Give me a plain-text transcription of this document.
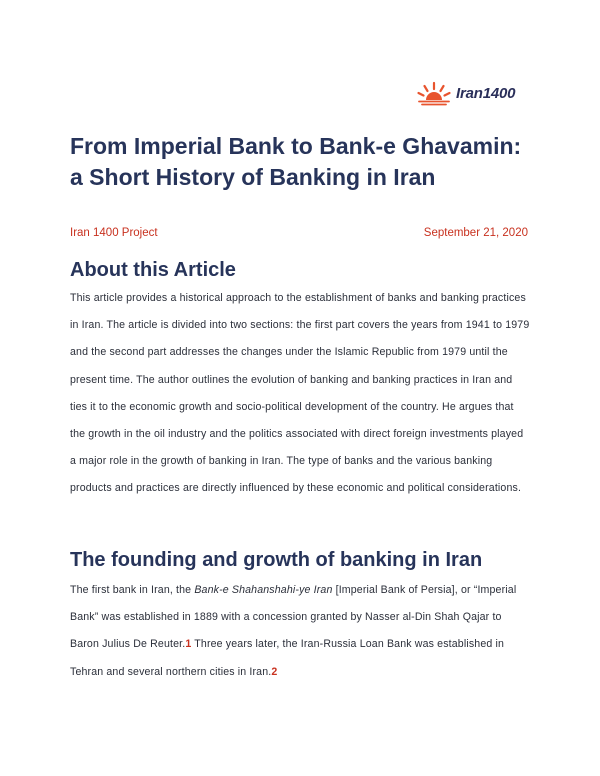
Iran1400
From Imperial Bank to Bank-e Ghavamin: a Short History of Banking in Iran
Iran 1400 Project	September 21, 2020
About this Article

This article provides a historical approach to the establishment of banks and banking practices in Iran. The article is divided into two sections: the first part covers the years from 1941 to 1979 and the second part addresses the changes under the Islamic Republic from 1979 until the present time. The author outlines the evolution of banking and banking practices in Iran and ties it to the economic growth and socio-political development of the country. He argues that the growth in the oil industry and the politics associated with direct foreign investments played a major role in the growth of banking in Iran. The type of banks and the various banking products and practices are directly influenced by these economic and political considerations.

The founding and growth of banking in Iran

The first bank in Iran, the Bank-e Shahanshahi-ye Iran [Imperial Bank of Persia], or “Imperial Bank” was established in 1889 with a concession granted by Nasser al-Din Shah Qajar to Baron Julius De Reuter.1 Three years later, the Iran-Russia Loan Bank was established in Tehran and several northern cities in Iran.2
